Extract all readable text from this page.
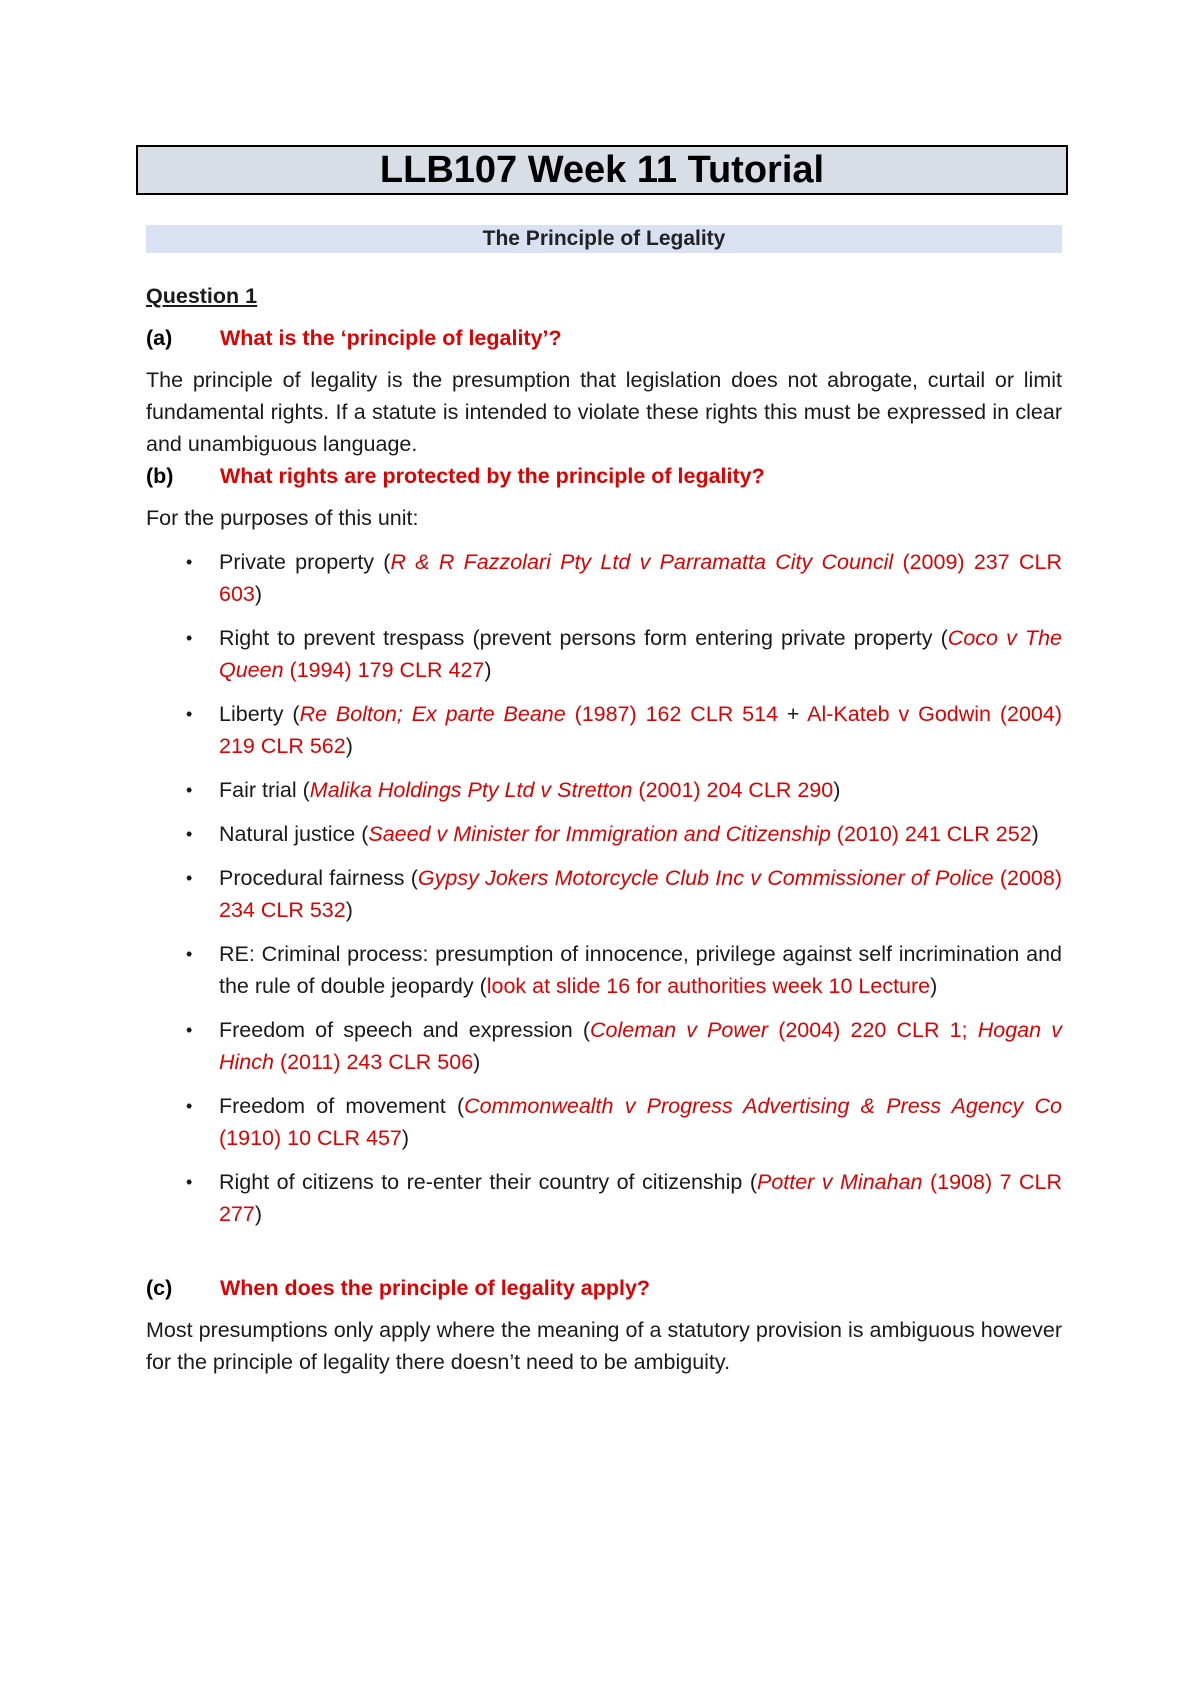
LLB107 Week 11 Tutorial
The Principle of Legality
Question 1
(a)	What is the ‘principle of legality’?

The principle of legality is the presumption that legislation does not abrogate, curtail or limit fundamental rights. If a statute is intended to violate these rights this must be expressed in clear and unambiguous language.

(b)	What rights are protected by the principle of legality?

For the purposes of this unit:

• Private property (R & R Fazzolari Pty Ltd v Parramatta City Council (2009) 237 CLR 603)
• Right to prevent trespass (prevent persons form entering private property (Coco v The Queen (1994) 179 CLR 427)
• Liberty (Re Bolton; Ex parte Beane (1987) 162 CLR 514 + Al-Kateb v Godwin (2004) 219 CLR 562)
• Fair trial (Malika Holdings Pty Ltd v Stretton (2001) 204 CLR 290)
• Natural justice (Saeed v Minister for Immigration and Citizenship (2010) 241 CLR 252)
• Procedural fairness (Gypsy Jokers Motorcycle Club Inc v Commissioner of Police (2008) 234 CLR 532)
• RE: Criminal process: presumption of innocence, privilege against self incrimination and the rule of double jeopardy (look at slide 16 for authorities week 10 Lecture)
• Freedom of speech and expression (Coleman v Power (2004) 220 CLR 1; Hogan v Hinch (2011) 243 CLR 506)
• Freedom of movement (Commonwealth v Progress Advertising & Press Agency Co (1910) 10 CLR 457)
• Right of citizens to re-enter their country of citizenship (Potter v Minahan (1908) 7 CLR 277)
(c)	When does the principle of legality apply?

Most presumptions only apply where the meaning of a statutory provision is ambiguous however for the principle of legality there doesn’t need to be ambiguity.
